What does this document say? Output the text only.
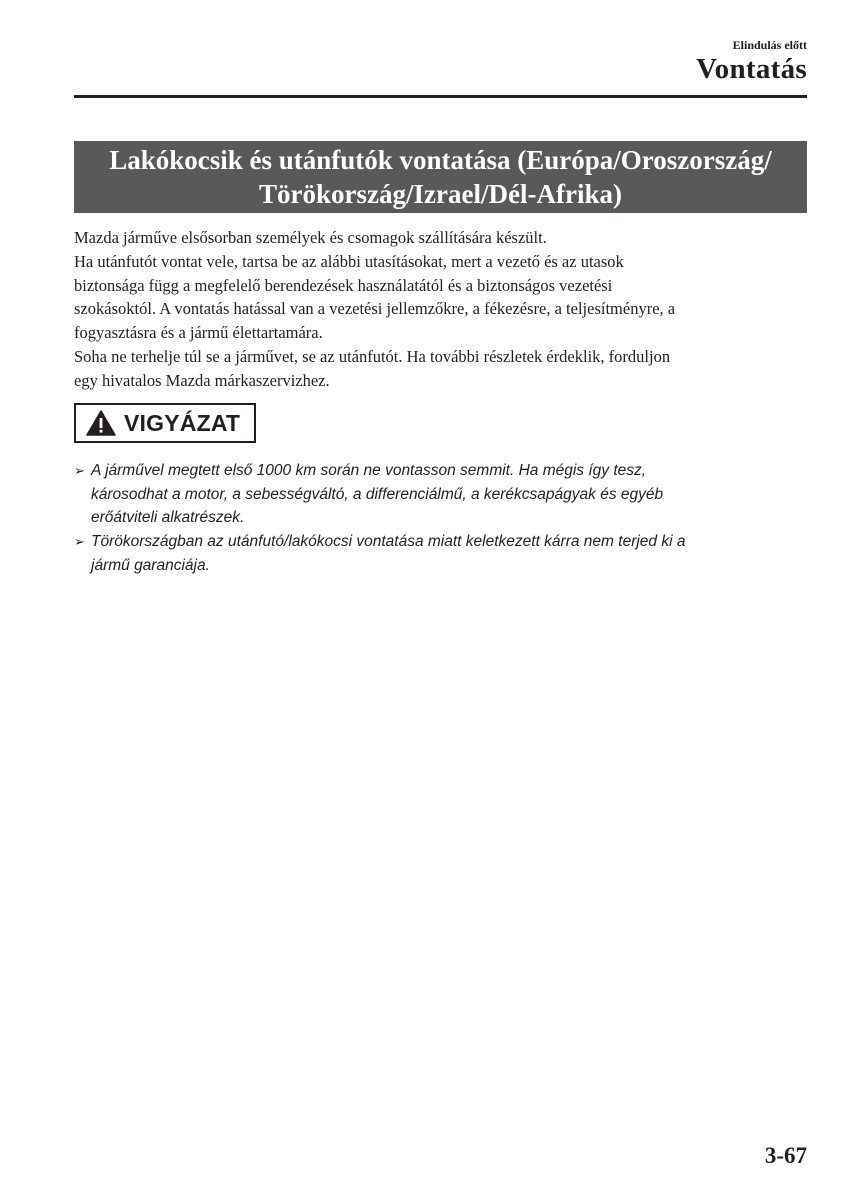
Elindulás előtt
Vontatás
Lakókocsik és utánfutók vontatása (Európa/Oroszország/
Törökország/Izrael/Dél-Afrika)

Mazda járműve elsősorban személyek és csomagok szállítására készült.

Ha utánfutót vontat vele, tartsa be az alábbi utasításokat, mert a vezető és az utasok

biztonsága függ a megfelelő berendezések használatától és a biztonságos vezetési

szokásoktól. A vontatás hatással van a vezetési jellemzőkre, a fékezésre, a teljesítményre, a

fogyasztásra és a jármű élettartamára.

Soha ne terhelje túl se a járművet, se az utánfutót. Ha további részletek érdeklik, forduljon

egy hivatalos Mazda márkaszervizhez.

VIGYÁZAT
➢ A járművel megtett első 1000 km során ne vontasson semmit. Ha mégis így tesz,
károsodhat a motor, a sebességváltó, a differenciálmű, a kerékcsapágyak és egyéb
erőátviteli alkatrészek.
➢ Törökországban az utánfutó/lakókocsi vontatása miatt keletkezett kárra nem terjed ki a
jármű garanciája.
3-67
